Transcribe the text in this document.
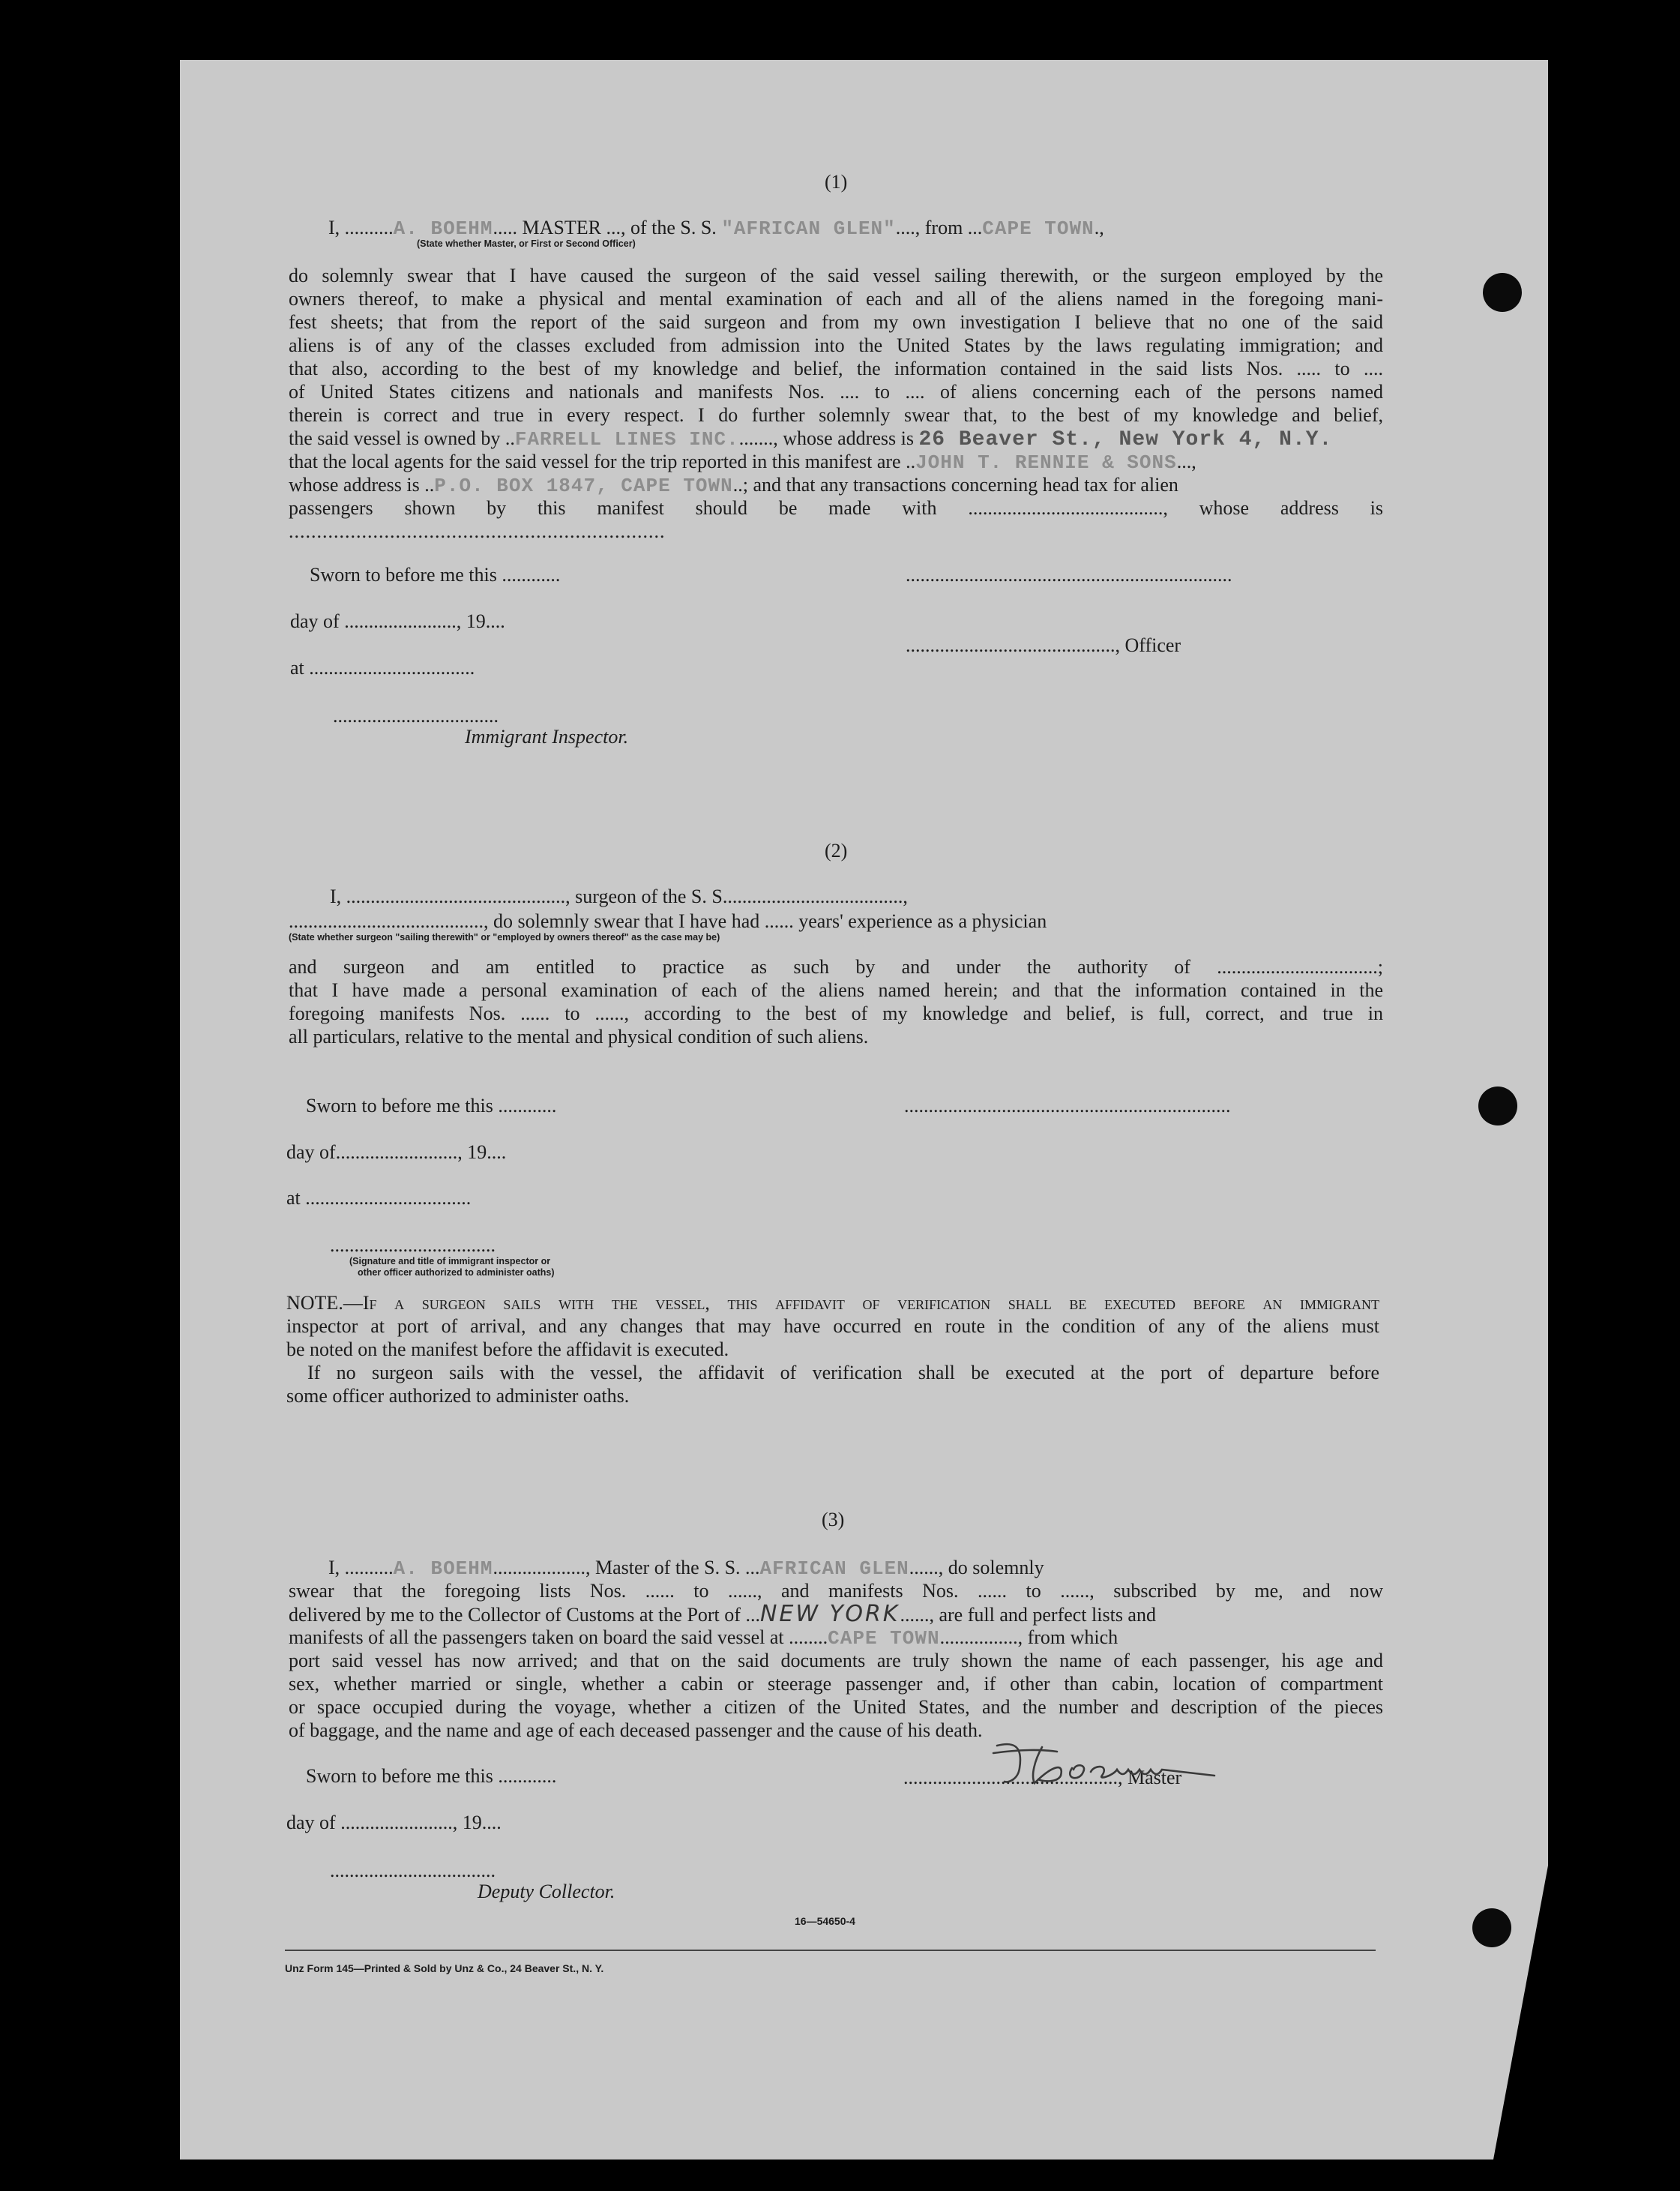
(1)
I, ..........A. BOEHM..... MASTER ..., of the S. S. "AFRICAN GLEN"...., from ...CAPE TOWN.,
(State whether Master, or First or Second Officer)
do solemnly swear that I have caused the surgeon of the said vessel sailing therewith, or the surgeon employed by the
owners thereof, to make a physical and mental examination of each and all of the aliens named in the foregoing mani-
fest sheets; that from the report of the said surgeon and from my own investigation I believe that no one of the said
aliens is of any of the classes excluded from admission into the United States by the laws regulating immigration; and
that also, according to the best of my knowledge and belief, the information contained in the said lists Nos. ..... to ....
of United States citizens and nationals and manifests Nos. .... to .... of aliens concerning each of the persons named
therein is correct and true in every respect. I do further solemnly swear that, to the best of my knowledge and belief,
the said vessel is owned by ..FARRELL LINES INC........, whose address is 26 Beaver St., New York 4, N.Y.
that the local agents for the said vessel for the trip reported in this manifest are ..JOHN T. RENNIE & SONS...,
whose address is ..P.O. BOX 1847, CAPE TOWN..; and that any transactions concerning head tax for alien
passengers shown by this manifest should be made with ........................................, whose address is
...................................................................
Sworn to before me this ............	...................................................................
day of ......................., 19....
..........................................., Officer
at ..................................
..................................
Immigrant Inspector.
(2)
I, ............................................., surgeon of the S. S.....................................,
........................................, do solemnly swear that I have had ...... years' experience as a physician
(State whether surgeon "sailing therewith" or "employed by owners thereof" as the case may be)
and surgeon and am entitled to practice as such by and under the authority of .................................;
that I have made a personal examination of each of the aliens named herein; and that the information contained in the
foregoing manifests Nos. ...... to ......, according to the best of my knowledge and belief, is full, correct, and true in
all particulars, relative to the mental and physical condition of such aliens.
Sworn to before me this ............	...................................................................
day of........................., 19....
at ..................................
..................................
(Signature and title of immigrant inspector or
other officer authorized to administer oaths)
NOTE.—If a surgeon sails with the vessel, this affidavit of verification shall be executed before an immigrant
inspector at port of arrival, and any changes that may have occurred en route in the condition of any of the aliens must
be noted on the manifest before the affidavit is executed.
If no surgeon sails with the vessel, the affidavit of verification shall be executed at the port of departure before
some officer authorized to administer oaths.
(3)
I, ..........A. BOEHM..................., Master of the S. S. ...AFRICAN GLEN......, do solemnly
swear that the foregoing lists Nos. ...... to ......, and manifests Nos. ...... to ......, subscribed by me, and now
delivered by me to the Collector of Customs at the Port of ...NEW YORK......, are full and perfect lists and
manifests of all the passengers taken on board the said vessel at ........CAPE TOWN................, from which
port said vessel has now arrived; and that on the said documents are truly shown the name of each passenger, his age and
sex, whether married or single, whether a cabin or steerage passenger and, if other than cabin, location of compartment
or space occupied during the voyage, whether a citizen of the United States, and the number and description of the pieces
of baggage, and the name and age of each deceased passenger and the cause of his death.
Sworn to before me this ............	............................................, Master
day of ......................., 19....
..................................
Deputy Collector.
16—54650-4
Unz Form 145—Printed & Sold by Unz & Co., 24 Beaver St., N. Y.
